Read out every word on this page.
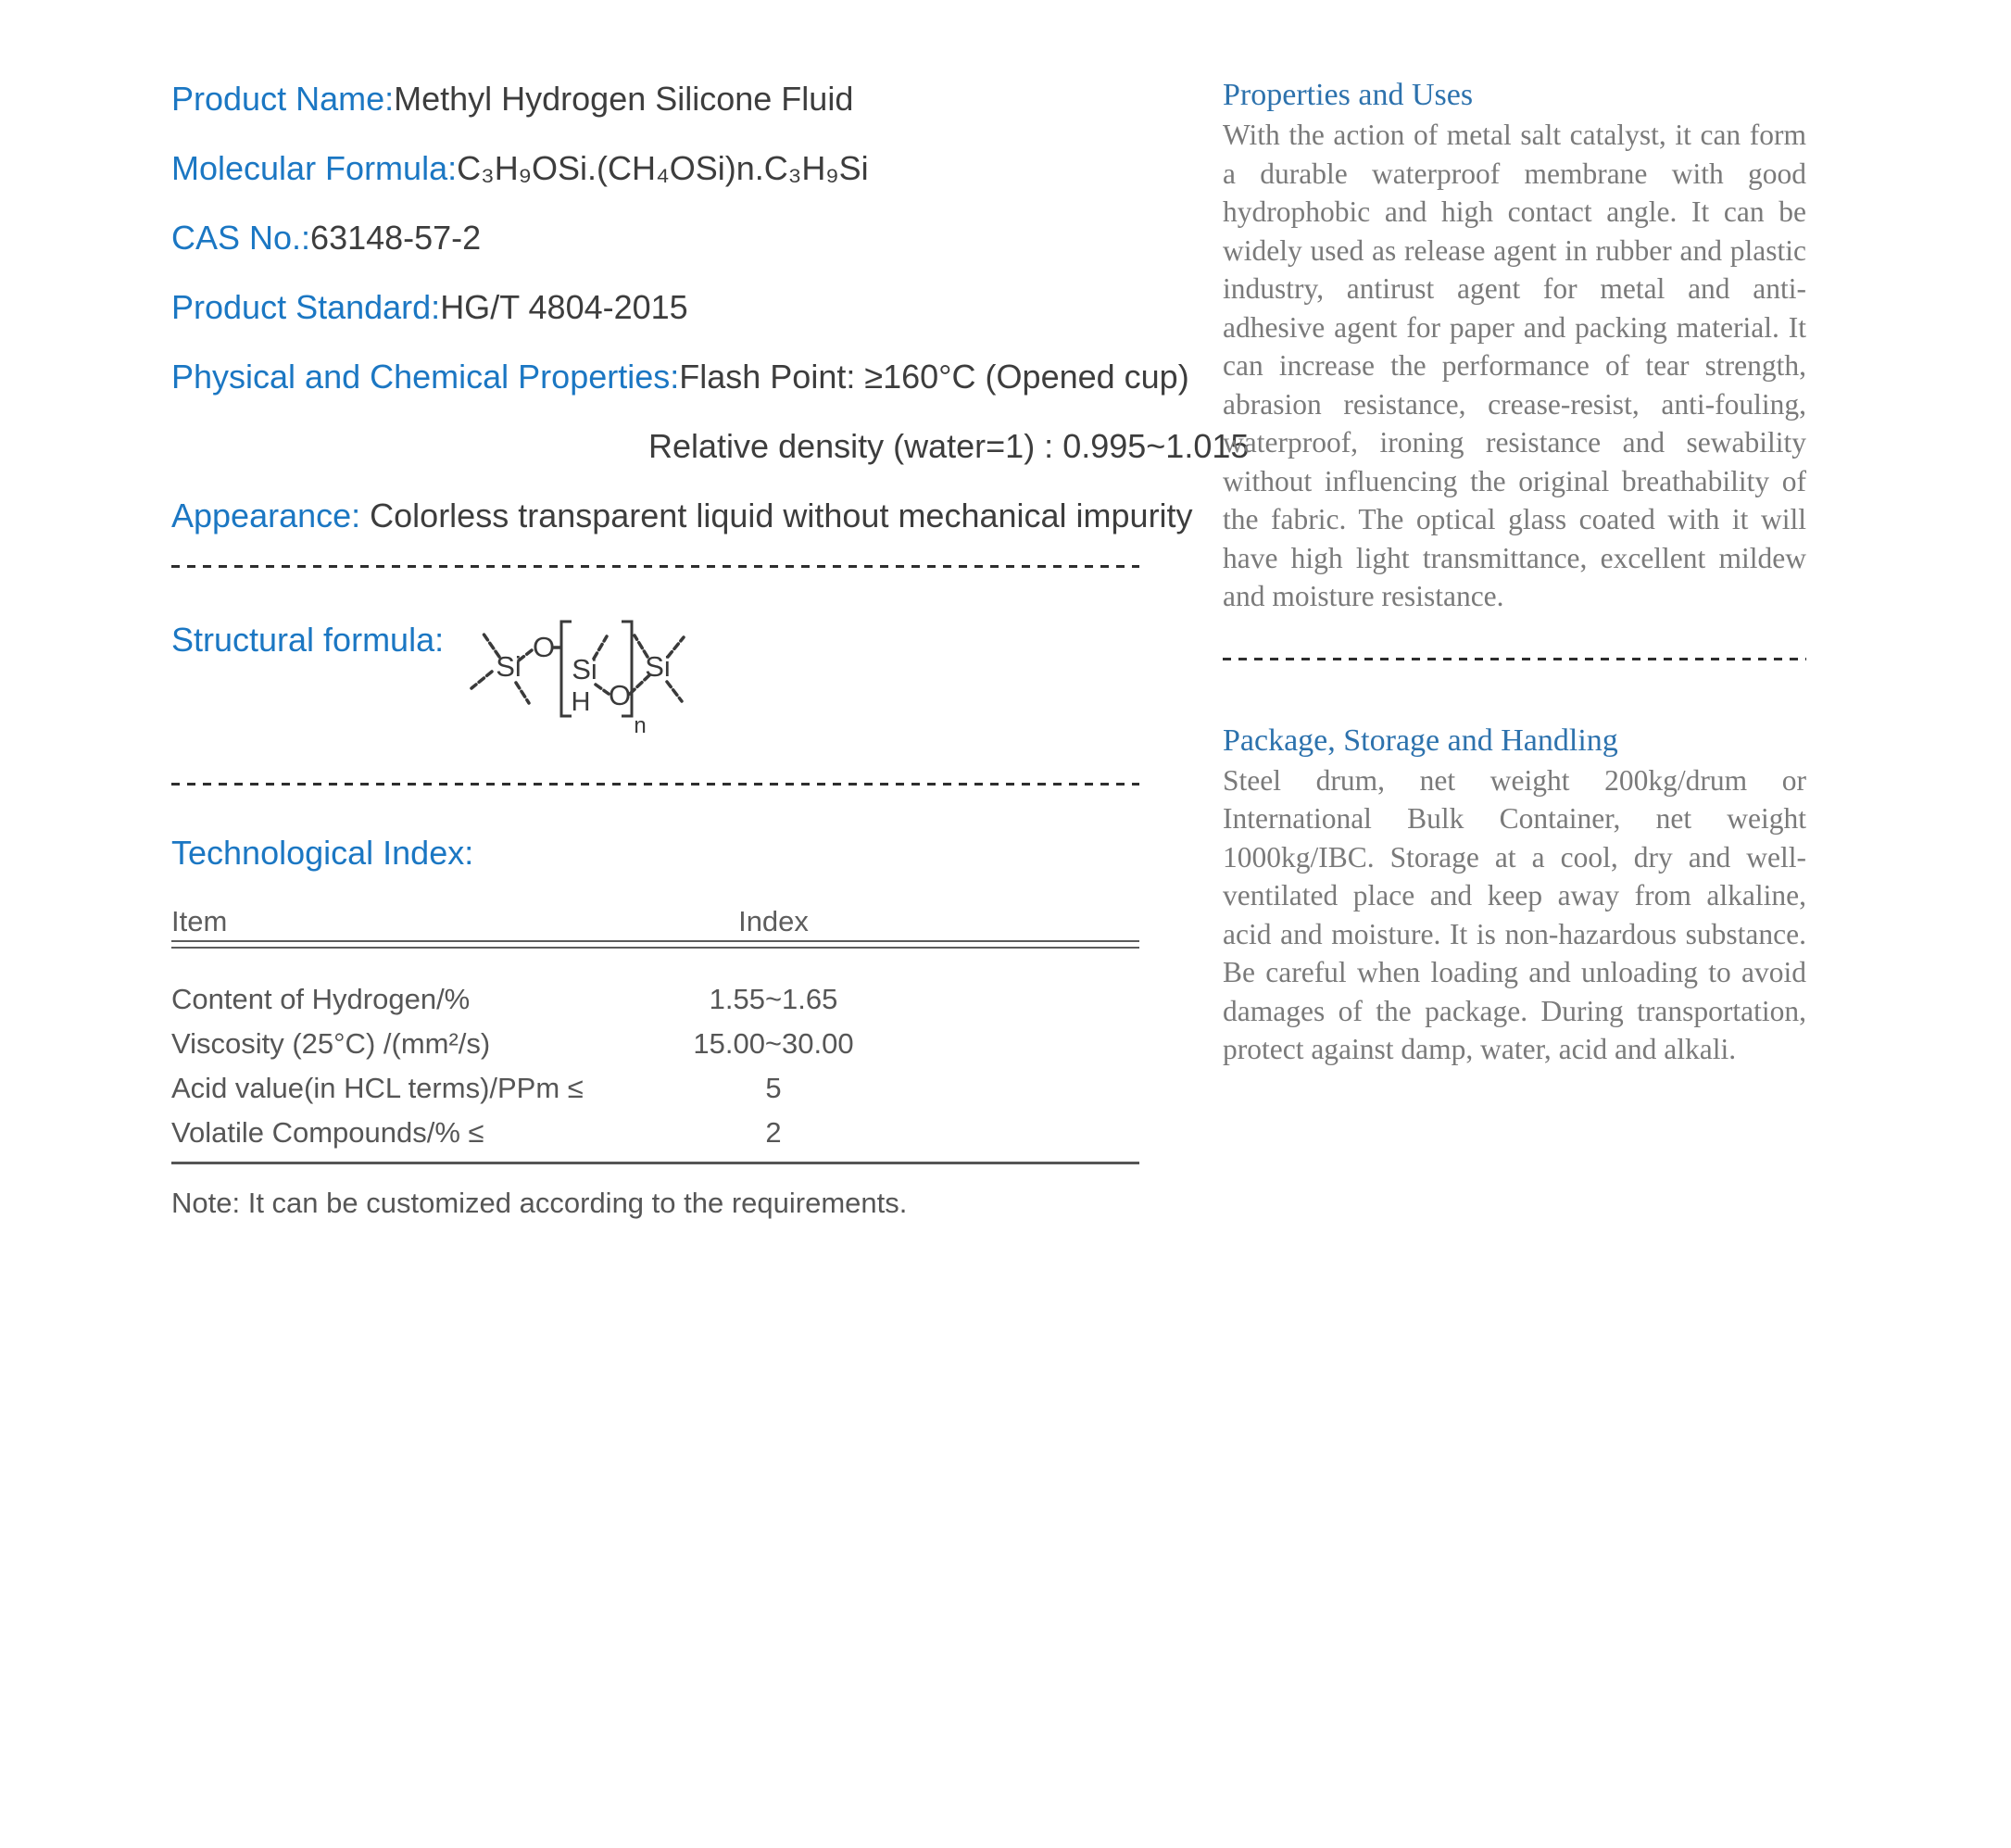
Product Name:Methyl Hydrogen Silicone Fluid
Molecular Formula:C₃H₉OSi.(CH₄OSi)n.C₃H₉Si
CAS No.:63148-57-2
Product Standard:HG/T 4804-2015
Physical and Chemical Properties:Flash Point: ≥160°C (Opened cup)
Relative density (water=1) : 0.995~1.015
Appearance: Colorless transparent liquid without mechanical impurity
Structural formula:
Si
O
Si
H O
n
Si
Technological Index:
Item	Index
Content of Hydrogen/%	1.55~1.65
Viscosity (25°C) /(mm²/s)	15.00~30.00
Acid value(in HCL terms)/PPm ≤	5
Volatile Compounds/% ≤	2
Note: It can be customized according to the requirements.
Properties and Uses
With the action of metal salt catalyst, it can form a durable waterproof membrane with good hydrophobic and high contact angle. It can be widely used as release agent in rubber and plastic industry, antirust agent for metal and anti-adhesive agent for paper and packing material. It can increase the performance of tear strength, abrasion resistance, crease-resist, anti-fouling, waterproof, ironing resistance and sewability without influencing the original breathability of the fabric. The optical glass coated with it will have high light transmittance, excellent mildew and moisture resistance.
Package, Storage and Handling
Steel drum, net weight 200kg/drum or International Bulk Container, net weight 1000kg/IBC. Storage at a cool, dry and well-ventilated place and keep away from alkaline, acid and moisture. It is non-hazardous substance. Be careful when loading and unloading to avoid damages of the package. During transportation, protect against damp, water, acid and alkali.
